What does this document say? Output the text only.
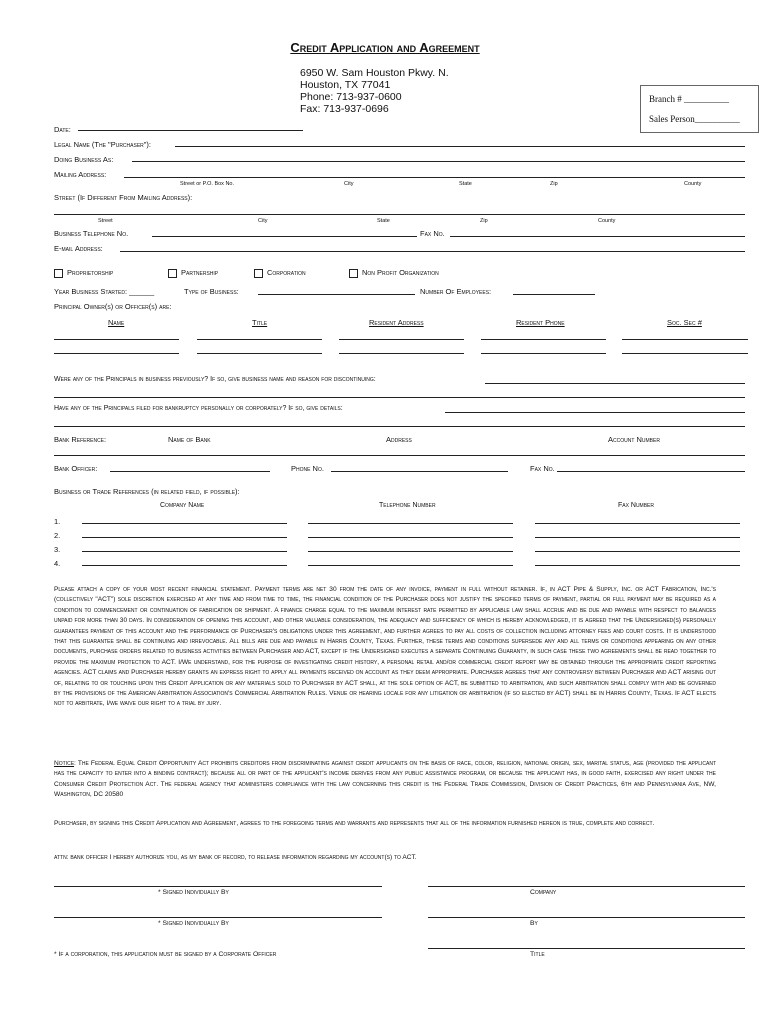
Credit Application and Agreement
6950 W. Sam Houston Pkwy. N.
Houston, TX 77041
Phone: 713-937-0600
Fax: 713-937-0696
Branch # __________
Sales Person__________
Date:
Legal Name (The "Purchaser"):
Doing Business As:
Mailing Address:
Street or P.O. Box No.	City	State	Zip	County
Street (If Different From Mailing Address):
Street	City	State	Zip	County
Business Telephone No.	Fax No.
E-mail Address:
Proprietorship	Partnership	Corporation	Non Profit Organization
Year Business Started: ______	Type of Business:	Number Of Employees:
Principal Owner(s) or Officer(s) are:
Name	Title	Resident Address	Resident Phone	Soc. Sec #
Were any of the Principals in business previously? If so, give business name and reason for discontinuing:
Have any of the Principals filed for bankruptcy personally or corporately? If so, give details:
Bank Reference:	Name of Bank	Address	Account Number
Bank Officer:	Phone No.	Fax No.
Business or Trade References (in related field, if possible):
Company Name	Telephone Number	Fax Number
1.
2.
3.
4.
Please attach a copy of your most recent financial statement. Payment terms are net 30 from the date of any invoice, payment in full without retainer. If, in ACT Pipe & Supply, Inc. or ACT Fabrication, Inc.'s (collectively "ACT") sole discretion exercised at any time and from time to time, the financial condition of the Purchaser does not justify the specified terms of payment, partial or full payment may be required as a condition to commencement or continuation of fabrication or shipment. A finance charge equal to the maximum interest rate permitted by applicable law shall accrue and be due and payable with respect to balances unpaid for more than 30 days. In consideration of opening this account, and other valuable consideration, the adequacy and sufficiency of which is hereby acknowledged, it is agreed that the Undersigned(s) personally guarantees payment of this account and the performance of Purchaser's obligations under this agreement, and further agrees to pay all costs of collection including attorney fees and court costs. It is understood that this guarantee shall be continuing and irrevocable. All bills are due and payable in Harris County, Texas. Further, these terms and conditions supersede any and all terms or conditions appearing on any other documents, purchase orders related to business activities between Purchaser and ACT, except if the Undersigned executes a separate Continuing Guaranty, in such case these two agreements shall be read together to provide the maximum protection to ACT. I/We understand, for the purpose of investigating credit history, a personal retail and/or commercial credit report may be obtained through the appropriate credit reporting agencies. ACT claims and Purchaser hereby grants an express right to apply all payments received on account as they deem appropriate. Purchaser agrees that any controversy between Purchaser and ACT arising out of, relating to or touching upon this Credit Application or any materials sold to Purchaser by ACT shall, at the sole option of ACT, be submitted to arbitration, and such arbitration shall comply with and be governed by the provisions of the American Arbitration Association's Commercial Arbitration Rules. Venue or hearing locale for any litigation or arbitration (if so elected by ACT) shall be in Harris County, Texas. If ACT elects not to arbitrate, I/we waive our right to a trial by jury.
Notice: The Federal Equal Credit Opportunity Act prohibits creditors from discriminating against credit applicants on the basis of race, color, religion, national origin, sex, marital status, age (provided the applicant has the capacity to enter into a binding contract); because all or part of the applicant's income derives from any public assistance program, or because the applicant has, in good faith, exercised any right under the Consumer Credit Protection Act. The federal agency that administers compliance with the law concerning this credit is the Federal Trade Commission, Division of Credit Practices, 6th and Pennsylvania Ave, NW, Washington, DC 20580
Purchaser, by signing this Credit Application and Agreement, agrees to the foregoing terms and warrants and represents that all of the information furnished hereon is true, complete and correct.
attn: bank officer I hereby authorize you, as my bank of record, to release information regarding my account(s) to ACT.
* Signed Individually By	Company
* Signed Individually By	By
Title
* If a corporation, this application must be signed by a Corporate Officer
